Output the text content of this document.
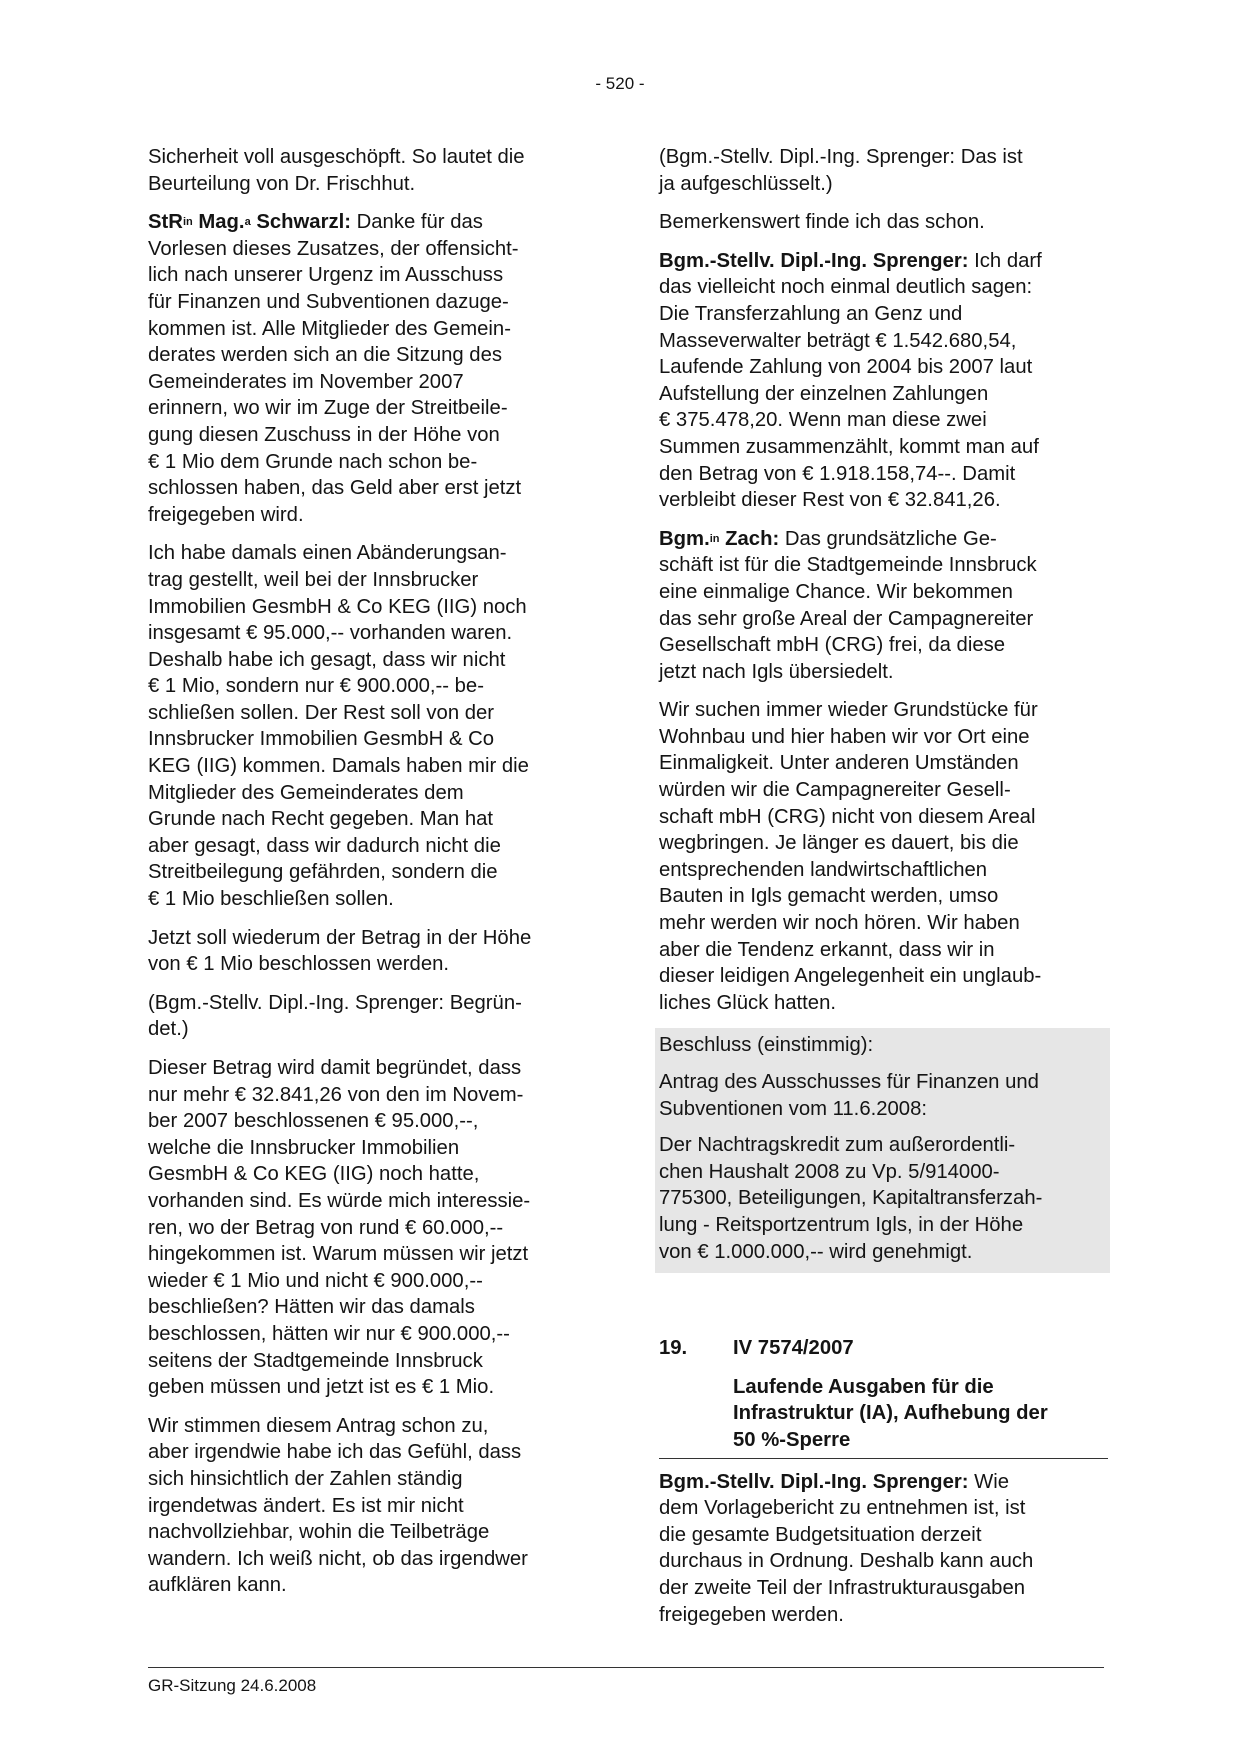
- 520 -

Sicherheit voll ausgeschöpft. So lautet die
Beurteilung von Dr. Frischhut.

StR$^{in}$ Mag.$^a$ Schwarzl: Danke für das
Vorlesen dieses Zusatzes, der offensicht-
lich nach unserer Urgenz im Ausschuss
für Finanzen und Subventionen dazuge-
kommen ist. Alle Mitglieder des Gemein-
derates werden sich an die Sitzung des
Gemeinderates im November 2007
erinnern, wo wir im Zuge der Streitbeile-
gung diesen Zuschuss in der Höhe von
€ 1 Mio dem Grunde nach schon be-
schlossen haben, das Geld aber erst jetzt
freigegeben wird.

Ich habe damals einen Abänderungsan-
trag gestellt, weil bei der Innsbrucker
Immobilien GesmbH & Co KEG (IIG) noch
insgesamt € 95.000,-- vorhanden waren.
Deshalb habe ich gesagt, dass wir nicht
€ 1 Mio, sondern nur € 900.000,-- be-
schließen sollen. Der Rest soll von der
Innsbrucker Immobilien GesmbH & Co
KEG (IIG) kommen. Damals haben mir die
Mitglieder des Gemeinderates dem
Grunde nach Recht gegeben. Man hat
aber gesagt, dass wir dadurch nicht die
Streitbeilegung gefährden, sondern die
€ 1 Mio beschließen sollen.

Jetzt soll wiederum der Betrag in der Höhe
von € 1 Mio beschlossen werden.

(Bgm.-Stellv. Dipl.-Ing. Sprenger: Begrün-
det.)

Dieser Betrag wird damit begründet, dass
nur mehr € 32.841,26 von den im Novem-
ber 2007 beschlossenen € 95.000,--,
welche die Innsbrucker Immobilien
GesmbH & Co KEG (IIG) noch hatte,
vorhanden sind. Es würde mich interessie-
ren, wo der Betrag von rund € 60.000,--
hingekommen ist. Warum müssen wir jetzt
wieder € 1 Mio und nicht € 900.000,--
beschließen? Hätten wir das damals
beschlossen, hätten wir nur € 900.000,--
seitens der Stadtgemeinde Innsbruck
geben müssen und jetzt ist es € 1 Mio.

Wir stimmen diesem Antrag schon zu,
aber irgendwie habe ich das Gefühl, dass
sich hinsichtlich der Zahlen ständig
irgendetwas ändert. Es ist mir nicht
nachvollziehbar, wohin die Teilbeträge
wandern. Ich weiß nicht, ob das irgendwer
aufklären kann.

(Bgm.-Stellv. Dipl.-Ing. Sprenger: Das ist
ja aufgeschlüsselt.)

Bemerkenswert finde ich das schon.

Bgm.-Stellv. Dipl.-Ing. Sprenger: Ich darf
das vielleicht noch einmal deutlich sagen:
Die Transferzahlung an Genz und
Masseverwalter beträgt € 1.542.680,54,
Laufende Zahlung von 2004 bis 2007 laut
Aufstellung der einzelnen Zahlungen
€ 375.478,20. Wenn man diese zwei
Summen zusammenzählt, kommt man auf
den Betrag von € 1.918.158,74--. Damit
verbleibt dieser Rest von € 32.841,26.

Bgm.$^{in}$ Zach: Das grundsätzliche Ge-
schäft ist für die Stadtgemeinde Innsbruck
eine einmalige Chance. Wir bekommen
das sehr große Areal der Campagnereiter
Gesellschaft mbH (CRG) frei, da diese
jetzt nach Igls übersiedelt.

Wir suchen immer wieder Grundstücke für
Wohnbau und hier haben wir vor Ort eine
Einmaligkeit. Unter anderen Umständen
würden wir die Campagnereiter Gesell-
schaft mbH (CRG) nicht von diesem Areal
wegbringen. Je länger es dauert, bis die
entsprechenden landwirtschaftlichen
Bauten in Igls gemacht werden, umso
mehr werden wir noch hören. Wir haben
aber die Tendenz erkannt, dass wir in
dieser leidigen Angelegenheit ein unglaub-
liches Glück hatten.

Beschluss (einstimmig):

Antrag des Ausschusses für Finanzen und
Subventionen vom 11.6.2008:

Der Nachtragskredit zum außerordentli-
chen Haushalt 2008 zu Vp. 5/914000-
775300, Beteiligungen, Kapitaltransferzah-
lung - Reitsportzentrum Igls, in der Höhe
von € 1.000.000,-- wird genehmigt.

19.	IV 7574/2007
Laufende Ausgaben für die
Infrastruktur (IA), Aufhebung der
50 %-Sperre

Bgm.-Stellv. Dipl.-Ing. Sprenger: Wie
dem Vorlagebericht zu entnehmen ist, ist
die gesamte Budgetsituation derzeit
durchaus in Ordnung. Deshalb kann auch
der zweite Teil der Infrastrukturausgaben
freigegeben werden.

GR-Sitzung 24.6.2008
